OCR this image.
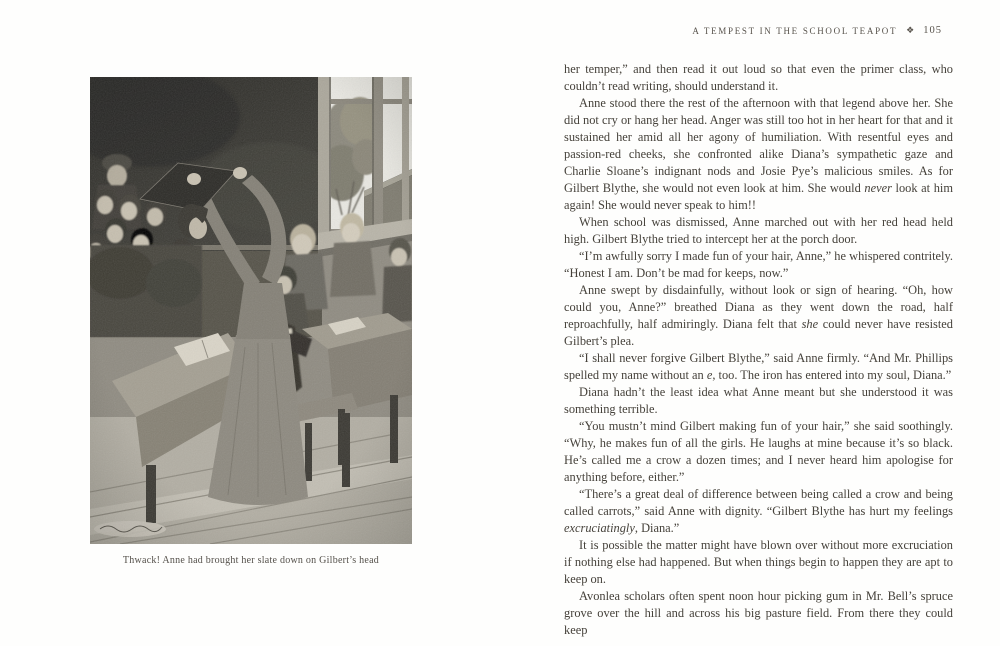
Thwack! Anne had brought her slate down on Gilbert’s head
A TEMPEST IN THE SCHOOL TEAPOT ❖ 105

her temper,” and then read it out loud so that even the primer class, who couldn’t read writing, should understand it.

Anne stood there the rest of the afternoon with that legend above her. She did not cry or hang her head. Anger was still too hot in her heart for that and it sustained her amid all her agony of humiliation. With resentful eyes and passion-red cheeks, she confronted alike Diana’s sympathetic gaze and Charlie Sloane’s indignant nods and Josie Pye’s malicious smiles. As for Gilbert Blythe, she would not even look at him. She would never look at him again! She would never speak to him!!

When school was dismissed, Anne marched out with her red head held high. Gilbert Blythe tried to intercept her at the porch door.

“I’m awfully sorry I made fun of your hair, Anne,” he whispered contritely. “Honest I am. Don’t be mad for keeps, now.”

Anne swept by disdainfully, without look or sign of hearing. “Oh, how could you, Anne?” breathed Diana as they went down the road, half reproachfully, half admiringly. Diana felt that she could never have resisted Gilbert’s plea.

“I shall never forgive Gilbert Blythe,” said Anne firmly. “And Mr. Phillips spelled my name without an e, too. The iron has entered into my soul, Diana.”

Diana hadn’t the least idea what Anne meant but she understood it was something terrible.

“You mustn’t mind Gilbert making fun of your hair,” she said soothingly. “Why, he makes fun of all the girls. He laughs at mine because it’s so black. He’s called me a crow a dozen times; and I never heard him apologise for anything before, either.”

“There’s a great deal of difference between being called a crow and being called carrots,” said Anne with dignity. “Gilbert Blythe has hurt my feelings excruciatingly, Diana.”

It is possible the matter might have blown over without more excruciation if nothing else had happened. But when things begin to happen they are apt to keep on.

Avonlea scholars often spent noon hour picking gum in Mr. Bell’s spruce grove over the hill and across his big pasture field. From there they could keep
